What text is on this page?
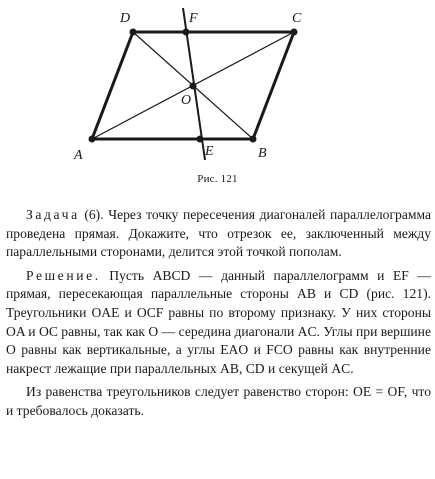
A	B
C
D
E
F
O
Рис. 121

Задача (6). Через точку пересечения диагоналей параллелограмма проведена прямая. Докажите, что отрезок ее, заключенный между параллельными сторонами, делится этой точкой пополам.

Решение. Пусть ABCD — данный параллелограмм и EF — прямая, пересекающая параллельные стороны AB и CD (рис. 121). Треугольники OAE и OCF равны по второму признаку. У них стороны OA и OC равны, так как O — середина диагонали AC. Углы при вершине O равны как вертикальные, а углы EAO и FCO равны как внутренние накрест лежащие при параллельных AB, CD и секущей AC.

Из равенства треугольников следует равенство сторон: OE = OF, что и требовалось доказать.
